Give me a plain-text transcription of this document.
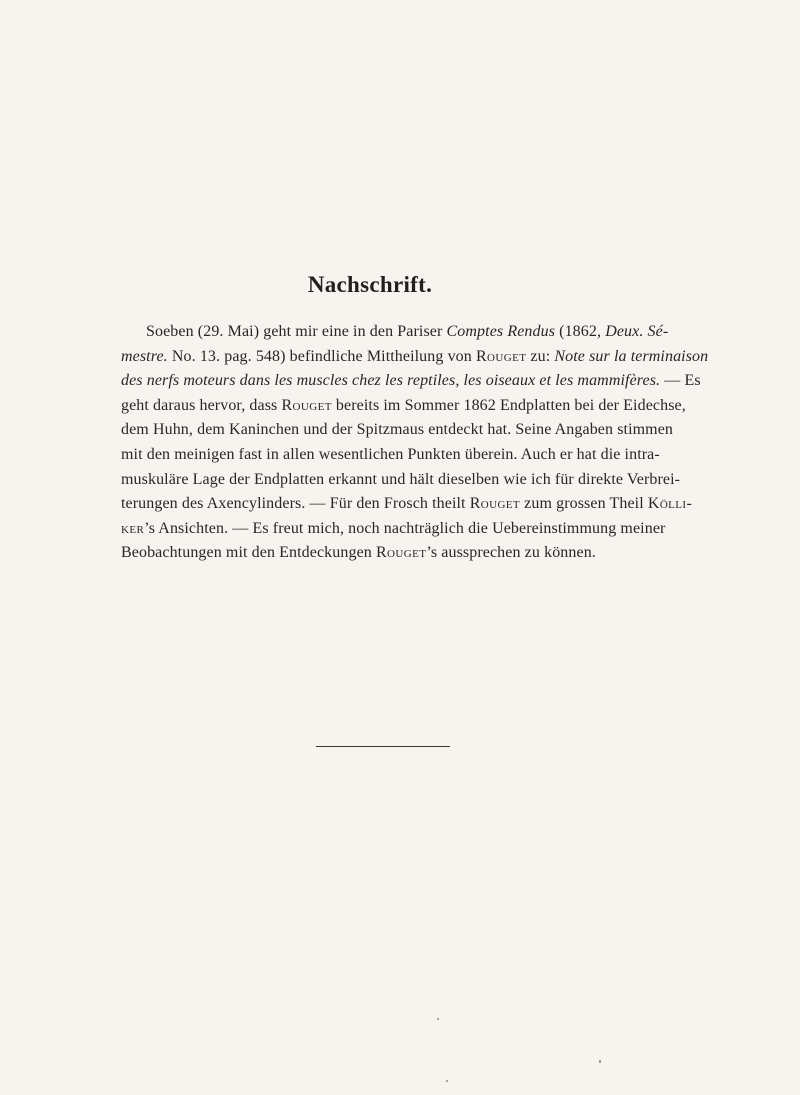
Nachschrift.
Soeben (29. Mai) geht mir eine in den Pariser Comptes Rendus (1862, Deux. Sé-
mestre. No. 13. pag. 548) befindliche Mittheilung von Rouget zu: Note sur la terminaison
des nerfs moteurs dans les muscles chez les reptiles, les oiseaux et les mammifères. — Es
geht daraus hervor, dass Rouget bereits im Sommer 1862 Endplatten bei der Eidechse,
dem Huhn, dem Kaninchen und der Spitzmaus entdeckt hat. Seine Angaben stimmen
mit den meinigen fast in allen wesentlichen Punkten überein. Auch er hat die intra-
muskuläre Lage der Endplatten erkannt und hält dieselben wie ich für direkte Verbrei-
terungen des Axencylinders. — Für den Frosch theilt Rouget zum grossen Theil Kölli-
ker’s Ansichten. — Es freut mich, noch nachträglich die Uebereinstimmung meiner
Beobachtungen mit den Entdeckungen Rouget’s aussprechen zu können.
